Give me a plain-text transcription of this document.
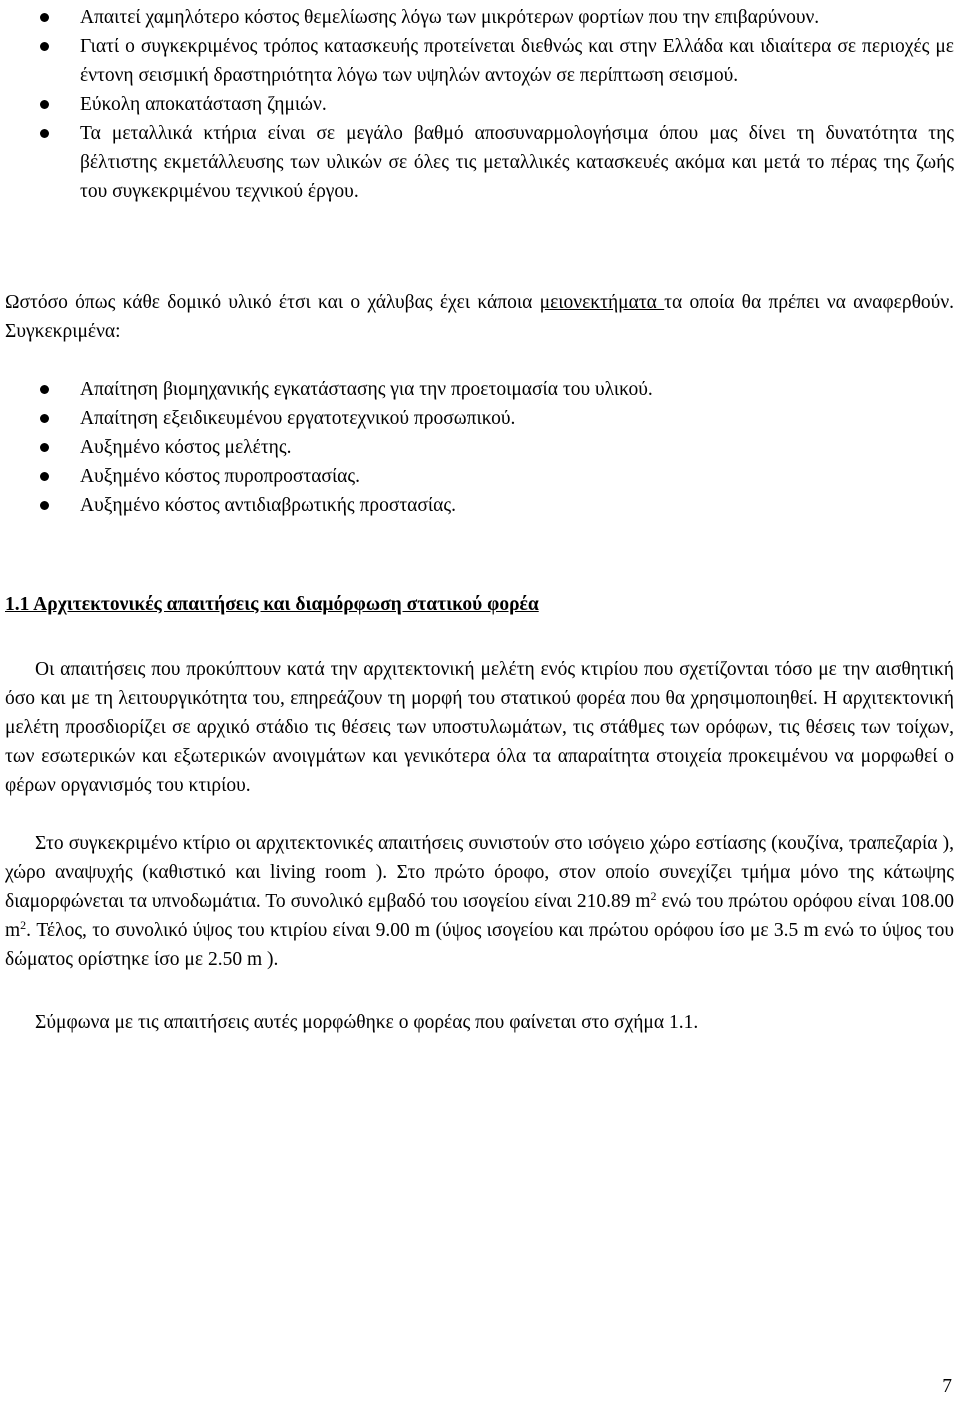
Απαιτεί χαμηλότερο κόστος θεμελίωσης λόγω των μικρότερων φορτίων που την επιβαρύνουν.
Γιατί ο συγκεκριμένος τρόπος κατασκευής προτείνεται διεθνώς και στην Ελλάδα και ιδιαίτερα σε περιοχές με έντονη σεισμική δραστηριότητα λόγω των υψηλών αντοχών σε περίπτωση σεισμού.
Εύκολη αποκατάσταση ζημιών.
Τα μεταλλικά κτήρια είναι σε μεγάλο βαθμό αποσυναρμολογήσιμα όπου μας δίνει τη δυνατότητα της βέλτιστης εκμετάλλευσης των υλικών σε όλες τις μεταλλικές κατασκευές ακόμα και μετά το πέρας της ζωής του συγκεκριμένου τεχνικού έργου.

Ωστόσο όπως κάθε δομικό υλικό έτσι και ο χάλυβας έχει κάποια μειονεκτήματα τα οποία θα πρέπει να αναφερθούν. Συγκεκριμένα:

Απαίτηση βιομηχανικής εγκατάστασης για την προετοιμασία του υλικού.
Απαίτηση εξειδικευμένου εργατοτεχνικού προσωπικού.
Αυξημένο κόστος μελέτης.
Αυξημένο κόστος πυροπροστασίας.
Αυξημένο κόστος αντιδιαβρωτικής προστασίας.
1.1 Αρχιτεκτονικές απαιτήσεις και διαμόρφωση στατικού φορέα

Οι απαιτήσεις που προκύπτουν κατά την αρχιτεκτονική μελέτη ενός κτιρίου που σχετίζονται τόσο με την αισθητική όσο και με τη λειτουργικότητα του, επηρεάζουν τη μορφή του στατικού φορέα που θα χρησιμοποιηθεί. Η αρχιτεκτονική μελέτη προσδιορίζει σε αρχικό στάδιο τις θέσεις των υποστυλωμάτων, τις στάθμες των ορόφων, τις θέσεις των τοίχων, των εσωτερικών και εξωτερικών ανοιγμάτων και γενικότερα όλα τα απαραίτητα στοιχεία προκειμένου να μορφωθεί ο φέρων οργανισμός του κτιρίου.

Στο συγκεκριμένο κτίριο οι αρχιτεκτονικές απαιτήσεις συνιστούν στο ισόγειο χώρο εστίασης (κουζίνα, τραπεζαρία ), χώρο αναψυχής (καθιστικό και living room ). Στο πρώτο όροφο, στον οποίο συνεχίζει τμήμα μόνο της κάτωψης διαμορφώνεται τα υπνοδωμάτια. Το συνολικό εμβαδό του ισογείου είναι 210.89 $m^2$ ενώ του πρώτου ορόφου είναι 108.00 $m^2$. Τέλος, το συνολικό ύψος του κτιρίου είναι 9.00 m (ύψος ισογείου και πρώτου ορόφου ίσο με 3.5 m ενώ το ύψος του δώματος ορίστηκε ίσο με 2.50 m ).

Σύμφωνα με τις απαιτήσεις αυτές μορφώθηκε ο φορέας που φαίνεται στο σχήμα 1.1.

7
